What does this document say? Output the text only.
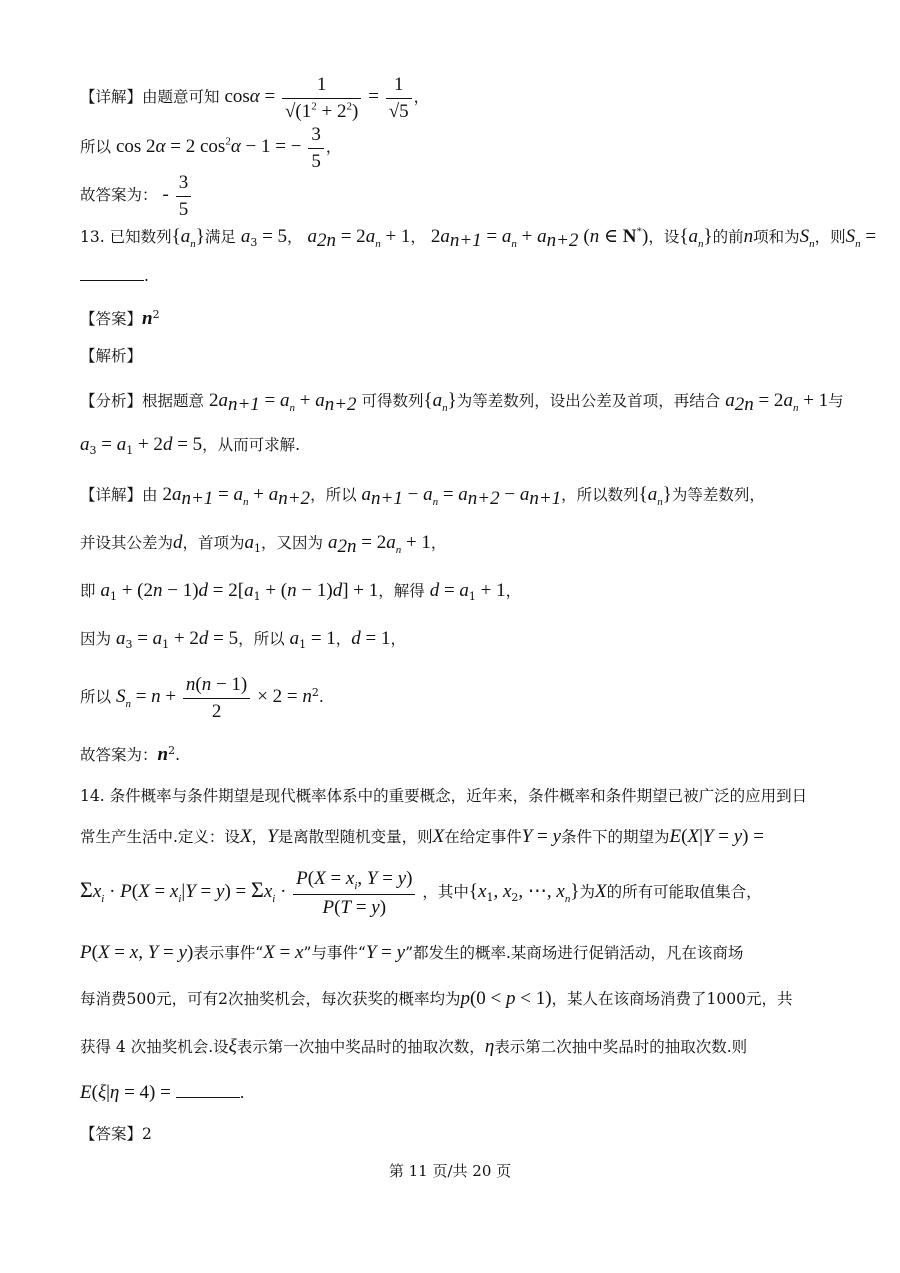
【详解】由题意可知 $\cos\alpha = \frac{1}{√(1^2 + 2^2)} = \frac{1}{√5}$ ，
所以 cos 2α = 2 $\cos^2\alpha - 1$ = − $\frac{3}{5}$ ，
故答案为： - $\frac{3}{5}$
13. 已知数列$\{a_n\}$满足 $a_3 = 5$， $a_{2n} = 2a_n + 1$， $2a_{n+1} = a_n + a_{n+2}$ (n ∈ N*)，设$\{a_n\}$的前n项和为$S_n$，则$S_n$ =
.
【答案】$n^2$
【解析】
【分析】根据题意 $2a_{n+1} = a_n + a_{n+2}$ 可得数列$\{a_n\}$为等差数列，设出公差及首项，再结合 $a_{2n} = 2a_n + 1$与
$a_3 = a_1 + 2d = 5$，从而可求解.
【详解】由 $2a_{n+1} = a_n + a_{n+2}$，所以 $a_{n+1} - a_n = a_{n+2} - a_{n+1}$，所以数列$\{a_n\}$为等差数列，
并设其公差为d，首项为$a_1$，又因为 $a_{2n} = 2a_n + 1$，
即 $a_1 + (2n - 1)d = 2[a_1 + (n - 1)d] + 1$，解得 $d = a_1 + 1$，
因为 $a_3 = a_1 + 2d = 5$，所以 $a_1 = 1$，d = 1，
所以 $S_n = n + \frac{n(n - 1)}{2} \times 2 = n^2$.
故答案为：$n^2$.
14. 条件概率与条件期望是现代概率体系中的重要概念，近年来，条件概率和条件期望已被广泛的应用到日
常生产生活中.定义：设X，Y是离散型随机变量，则X在给定事件Y = y条件下的期望为E(X|Y = y) =
$\Sigma x_i \cdot P(X = x_i|Y = y) = \Sigma x_i \cdot \frac{P(X = x_i, Y = y)}{P(T = y)}$ ，其中{$x_1$, $x_2$, ⋯, $x_n$}为X的所有可能取值集合，
P(X = x, Y = y)表示事件“X = x”与事件“Y = y”都发生的概率.某商场进行促销活动，凡在该商场
每消费500元，可有2次抽奖机会，每次获奖的概率均为p(0 < p < 1)，某人在该商场消费了1000元，共
获得 4 次抽奖机会.设ξ表示第一次抽中奖品时的抽取次数，η表示第二次抽中奖品时的抽取次数.则
E(ξ|η = 4) =	.
【答案】2
第 11 页/共 20 页
